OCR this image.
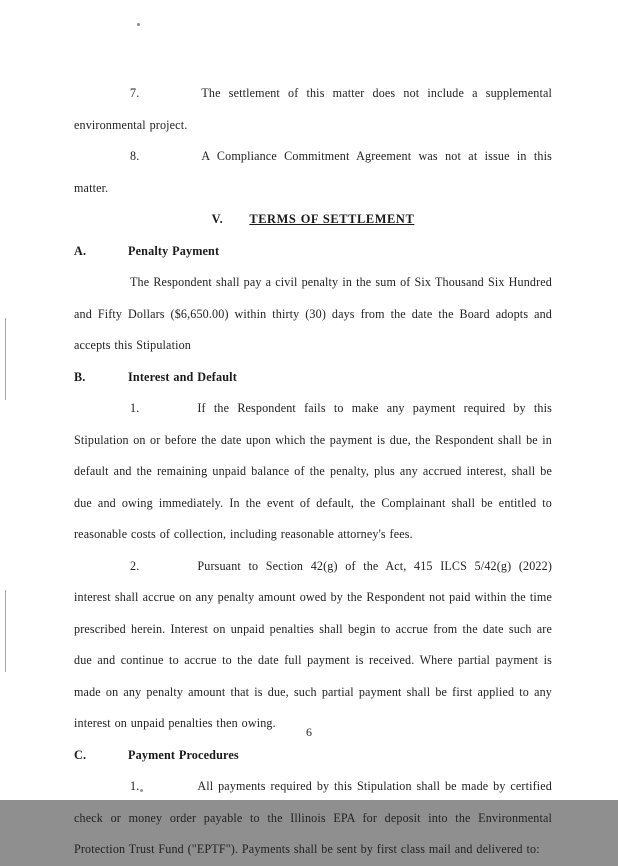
7.	The settlement of this matter does not include a supplemental environmental project.

8.	A Compliance Commitment Agreement was not at issue in this matter.

V. TERMS OF SETTLEMENT

A.	Penalty Payment

The Respondent shall pay a civil penalty in the sum of Six Thousand Six Hundred and Fifty Dollars ($6,650.00) within thirty (30) days from the date the Board adopts and accepts this Stipulation

B.	Interest and Default

1.	If the Respondent fails to make any payment required by this Stipulation on or before the date upon which the payment is due, the Respondent shall be in default and the remaining unpaid balance of the penalty, plus any accrued interest, shall be due and owing immediately. In the event of default, the Complainant shall be entitled to reasonable costs of collection, including reasonable attorney's fees.

2.	Pursuant to Section 42(g) of the Act, 415 ILCS 5/42(g) (2022) interest shall accrue on any penalty amount owed by the Respondent not paid within the time prescribed herein. Interest on unpaid penalties shall begin to accrue from the date such are due and continue to accrue to the date full payment is received. Where partial payment is made on any penalty amount that is due, such partial payment shall be first applied to any interest on unpaid penalties then owing.

C.	Payment Procedures

1.	All payments required by this Stipulation shall be made by certified check or money order payable to the Illinois EPA for deposit into the Environmental Protection Trust Fund ("EPTF"). Payments shall be sent by first class mail and delivered to:

6
